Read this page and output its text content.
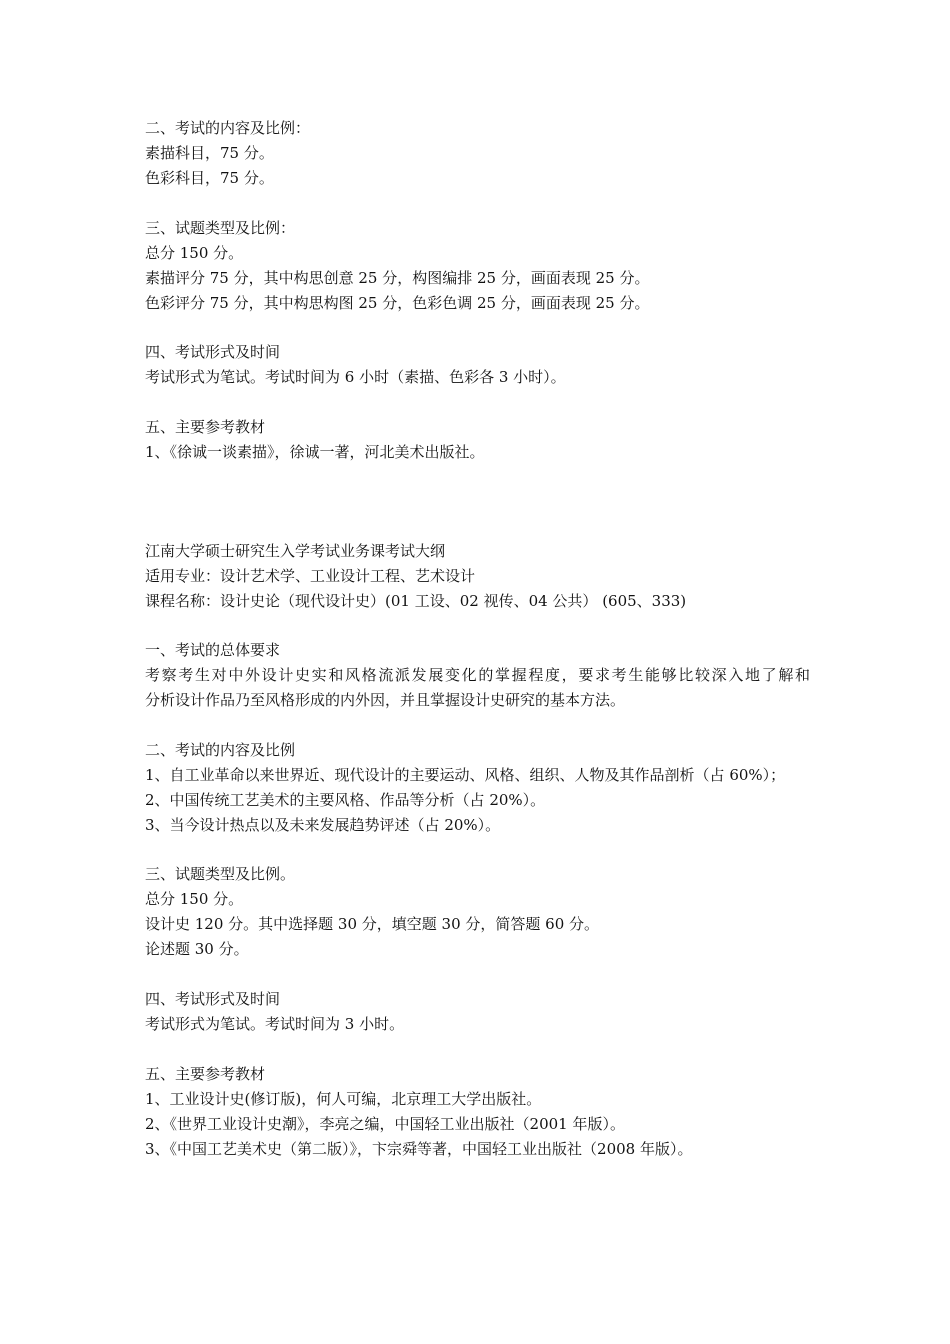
二、考试的内容及比例：
素描科目，75 分。
色彩科目，75 分。
三、试题类型及比例：
总分 150 分。
素描评分 75 分，其中构思创意 25 分，构图编排 25 分，画面表现 25 分。
色彩评分 75 分，其中构思构图 25 分，色彩色调 25 分，画面表现 25 分。
四、考试形式及时间
考试形式为笔试。考试时间为 6 小时（素描、色彩各 3 小时）。
五、主要参考教材
1、《徐诚一谈素描》，徐诚一著，河北美术出版社。
江南大学硕士研究生入学考试业务课考试大纲
适用专业：设计艺术学、工业设计工程、艺术设计
课程名称：设计史论（现代设计史）(01 工设、02 视传、04 公共） (605、333)
一、考试的总体要求
考察考生对中外设计史实和风格流派发展变化的掌握程度，要求考生能够比较深入地了解和
分析设计作品乃至风格形成的内外因，并且掌握设计史研究的基本方法。
二、考试的内容及比例
1、自工业革命以来世界近、现代设计的主要运动、风格、组织、人物及其作品剖析（占 60%）；
2、中国传统工艺美术的主要风格、作品等分析（占 20%）。
3、当今设计热点以及未来发展趋势评述（占 20%）。
三、试题类型及比例。
总分 150 分。
设计史 120 分。其中选择题 30 分，填空题 30 分，简答题 60 分。
论述题 30 分。
四、考试形式及时间
考试形式为笔试。考试时间为 3 小时。
五、主要参考教材
1、工业设计史(修订版)，何人可编，北京理工大学出版社。
2、《世界工业设计史潮》，李亮之编，中国轻工业出版社（2001 年版）。
3、《中国工艺美术史（第二版）》，卞宗舜等著，中国轻工业出版社（2008 年版）。
